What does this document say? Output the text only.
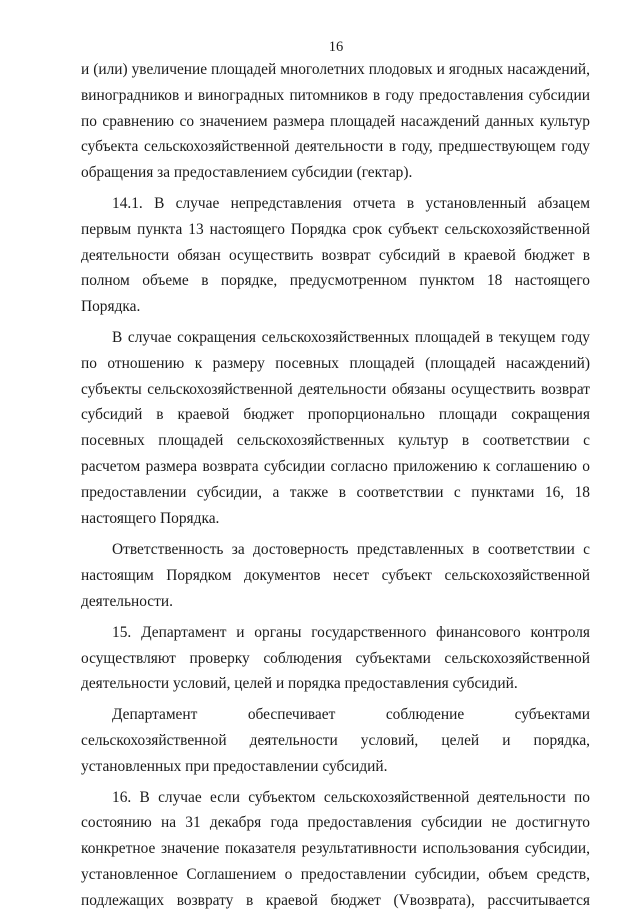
16

и (или) увеличение площадей многолетних плодовых и ягодных насаждений, виноградников и виноградных питомников в году предоставления субсидии по сравнению со значением размера площадей насаждений данных культур субъекта сельскохозяйственной деятельности в году, предшествующем году обращения за предоставлением субсидии (гектар).

14.1. В случае непредставления отчета в установленный абзацем первым пункта 13 настоящего Порядка срок субъект сельскохозяйственной деятельности обязан осуществить возврат субсидий в краевой бюджет в полном объеме в порядке, предусмотренном пунктом 18 настоящего Порядка.

В случае сокращения сельскохозяйственных площадей в текущем году по отношению к размеру посевных площадей (площадей насаждений) субъекты сельскохозяйственной деятельности обязаны осуществить возврат субсидий в краевой бюджет пропорционально площади сокращения посевных площадей сельскохозяйственных культур в соответствии с расчетом размера возврата субсидии согласно приложению к соглашению о предоставлении субсидии, а также в соответствии с пунктами 16, 18 настоящего Порядка.

Ответственность за достоверность представленных в соответствии с настоящим Порядком документов несет субъект сельскохозяйственной деятельности.

15. Департамент и органы государственного финансового контроля осуществляют проверку соблюдения субъектами сельскохозяйственной деятельности условий, целей и порядка предоставления субсидий.

Департамент обеспечивает соблюдение субъектами сельскохозяйственной деятельности условий, целей и порядка, установленных при предоставлении субсидий.

16. В случае если субъектом сельскохозяйственной деятельности по состоянию на 31 декабря года предоставления субсидии не достигнуто конкретное значение показателя результативности использования субсидии, установленное Соглашением о предоставлении субсидии, объем средств, подлежащих возврату в краевой бюджет (Vвозврата), рассчитывается
